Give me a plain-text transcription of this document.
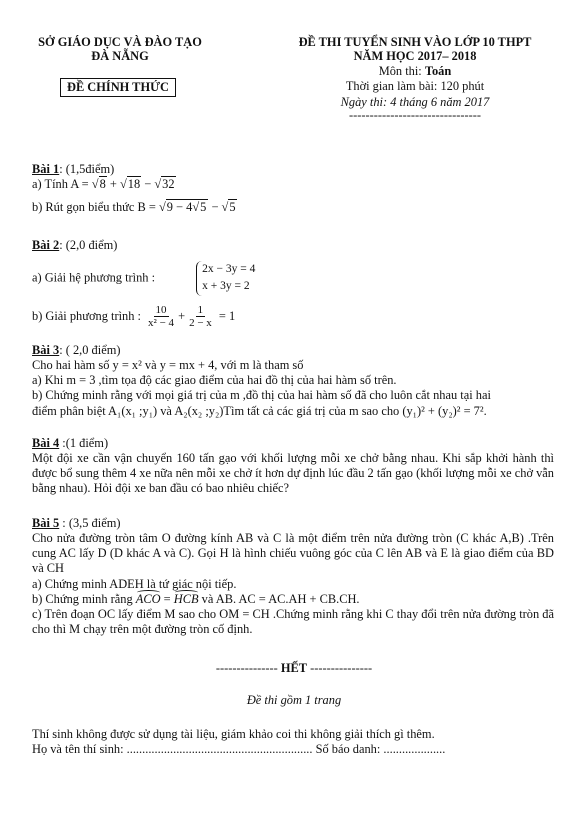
SỞ GIÁO DỤC VÀ ĐÀO TẠO
ĐÀ NẴNG
ĐỀ CHÍNH THỨC
ĐỀ THI TUYỂN SINH VÀO LỚP 10 THPT
NĂM HỌC 2017– 2018
Môn thi: Toán
Thời gian làm bài: 120 phút
Ngày thi: 4 tháng 6 năm 2017
--------------------------------
Bài 1: (1,5điểm)
a) Tính A = √8 + √18 − √32
b) Rút gọn biểu thức B = √9 − 4√5 − √5
Bài 2: (2,0 điểm)
a) Giải hệ phương trình :
2x − 3y = 4
x + 3y = 2
b) Giải phương trình : $\frac{10}{\text{x² − 4}} + \frac{1}{2 - x} = 1$
Bài 3: ( 2,0 điểm)
Cho hai hàm số y = x² và y = mx + 4, với m là tham số
a) Khi m = 3 ,tìm tọa độ các giao điểm của hai đồ thị của hai hàm số trên.
b) Chứng minh rằng với mọi giá trị của m ,đồ thị của hai hàm số đã cho luôn cắt nhau tại hai
điểm phân biệt A₁(x₁ ;y₁) và A₂(x₂ ;y₂)Tìm tất cả các giá trị của m sao cho (y₁)² + (y₂)² = 7².
Bài 4 :(1 điểm)
Một đội xe cần vận chuyển 160 tấn gạo với khối lượng mỗi xe chở bằng nhau. Khi sắp khởi hành thì được bổ sung thêm 4 xe nữa nên mỗi xe chở ít hơn dự định lúc đầu 2 tấn gạo (khối lượng mỗi xe chở vẫn bằng nhau). Hỏi đội xe ban đầu có bao nhiêu chiếc?
Bài 5 : (3,5 điểm)
Cho nửa đường tròn tâm O đường kính AB và C là một điểm trên nửa đường tròn (C khác A,B) .Trên cung AC lấy D (D khác A và C). Gọi H là hình chiếu vuông góc của C lên AB và E là giao điểm của BD và CH
a) Chứng minh ADEH là tứ giác nội tiếp.
b) Chứng minh rằng ACO = HCB và AB. AC = AC.AH + CB.CH.
c) Trên đoạn OC lấy điểm M sao cho OM = CH .Chứng minh rằng khi C thay đổi trên nửa đường tròn đã cho thì M chạy trên một đường tròn cố định.
--------------- HẾT ---------------
Đề thi gồm 1 trang
Thí sinh không được sử dụng tài liệu, giám khảo coi thi không giải thích gì thêm.
Họ và tên thí sinh: ............................................................ Số báo danh: ....................
